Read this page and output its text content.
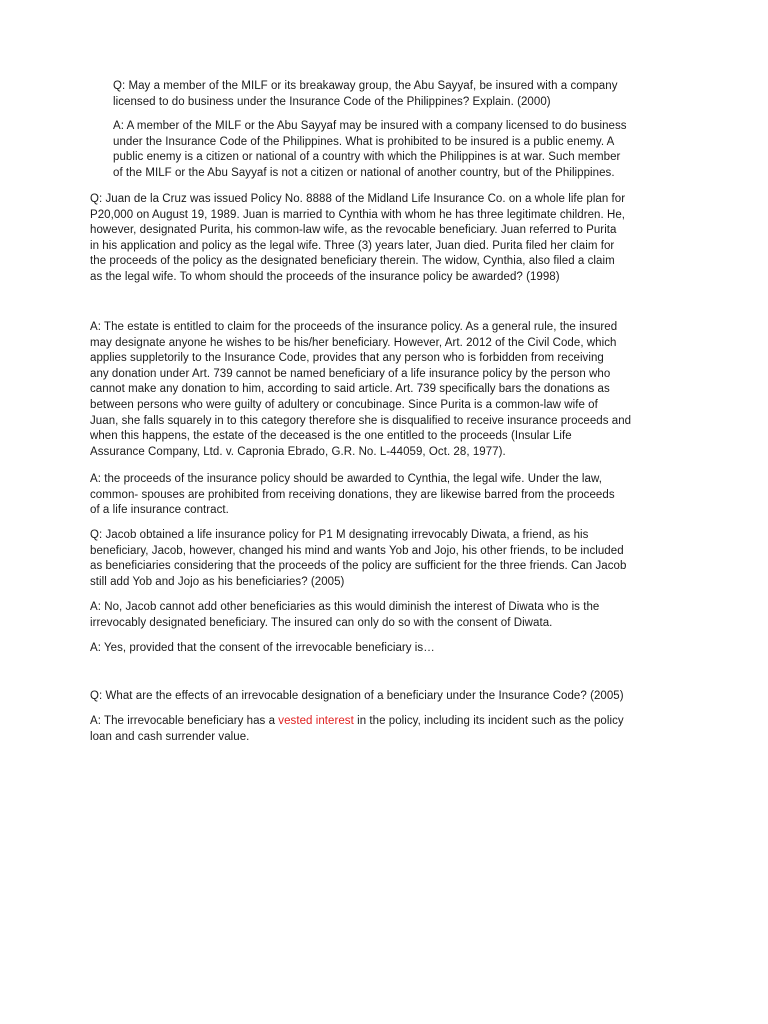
Q: May a member of the MILF or its breakaway group, the Abu Sayyaf, be insured with a company
licensed to do business under the Insurance Code of the Philippines? Explain. (2000)

A: A member of the MILF or the Abu Sayyaf may be insured with a company licensed to do business
under the Insurance Code of the Philippines. What is prohibited to be insured is a public enemy. A
public enemy is a citizen or national of a country with which the Philippines is at war. Such member
of the MILF or the Abu Sayyaf is not a citizen or national of another country, but of the Philippines.

Q: Juan de la Cruz was issued Policy No. 8888 of the Midland Life Insurance Co. on a whole life plan for
P20,000 on August 19, 1989. Juan is married to Cynthia with whom he has three legitimate children. He,
however, designated Purita, his common-law wife, as the revocable beneficiary. Juan referred to Purita
in his application and policy as the legal wife. Three (3) years later, Juan died. Purita filed her claim for
the proceeds of the policy as the designated beneficiary therein. The widow, Cynthia, also filed a claim
as the legal wife. To whom should the proceeds of the insurance policy be awarded? (1998)

A: The estate is entitled to claim for the proceeds of the insurance policy. As a general rule, the insured
may designate anyone he wishes to be his/her beneficiary. However, Art. 2012 of the Civil Code, which
applies suppletorily to the Insurance Code, provides that any person who is forbidden from receiving
any donation under Art. 739 cannot be named beneficiary of a life insurance policy by the person who
cannot make any donation to him, according to said article. Art. 739 specifically bars the donations as
between persons who were guilty of adultery or concubinage. Since Purita is a common-law wife of
Juan, she falls squarely in to this category therefore she is disqualified to receive insurance proceeds and
when this happens, the estate of the deceased is the one entitled to the proceeds (Insular Life
Assurance Company, Ltd. v. Capronia Ebrado, G.R. No. L-44059, Oct. 28, 1977).

A: the proceeds of the insurance policy should be awarded to Cynthia, the legal wife. Under the law,
common- spouses are prohibited from receiving donations, they are likewise barred from the proceeds
of a life insurance contract.

Q: Jacob obtained a life insurance policy for P1 M designating irrevocably Diwata, a friend, as his
beneficiary, Jacob, however, changed his mind and wants Yob and Jojo, his other friends, to be included
as beneficiaries considering that the proceeds of the policy are sufficient for the three friends. Can Jacob
still add Yob and Jojo as his beneficiaries? (2005)

A: No, Jacob cannot add other beneficiaries as this would diminish the interest of Diwata who is the
irrevocably designated beneficiary. The insured can only do so with the consent of Diwata.

A: Yes, provided that the consent of the irrevocable beneficiary is…

Q: What are the effects of an irrevocable designation of a beneficiary under the Insurance Code? (2005)

A: The irrevocable beneficiary has a vested interest in the policy, including its incident such as the policy
loan and cash surrender value.
